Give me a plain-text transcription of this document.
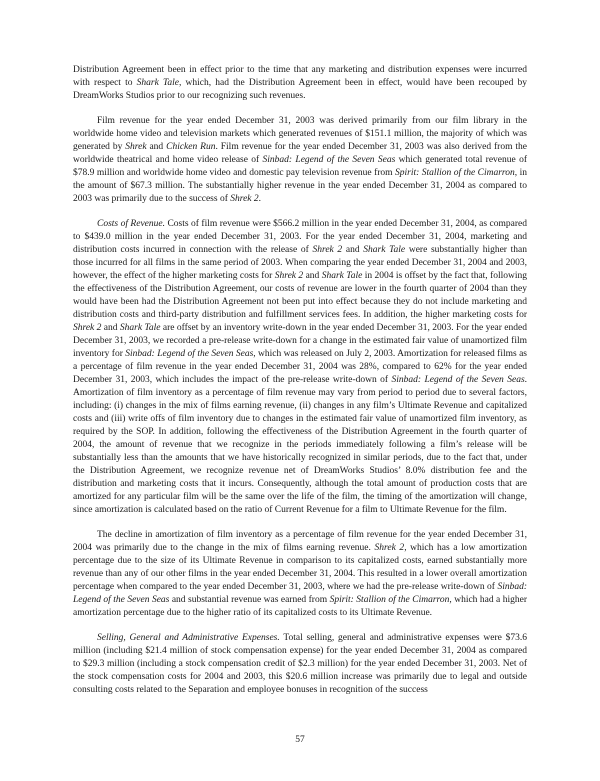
Distribution Agreement been in effect prior to the time that any marketing and distribution expenses were incurred with respect to Shark Tale, which, had the Distribution Agreement been in effect, would have been recouped by DreamWorks Studios prior to our recognizing such revenues.

Film revenue for the year ended December 31, 2003 was derived primarily from our film library in the worldwide home video and television markets which generated revenues of $151.1 million, the majority of which was generated by Shrek and Chicken Run. Film revenue for the year ended December 31, 2003 was also derived from the worldwide theatrical and home video release of Sinbad: Legend of the Seven Seas which generated total revenue of $78.9 million and worldwide home video and domestic pay television revenue from Spirit: Stallion of the Cimarron, in the amount of $67.3 million. The substantially higher revenue in the year ended December 31, 2004 as compared to 2003 was primarily due to the success of Shrek 2.

Costs of Revenue. Costs of film revenue were $566.2 million in the year ended December 31, 2004, as compared to $439.0 million in the year ended December 31, 2003. For the year ended December 31, 2004, marketing and distribution costs incurred in connection with the release of Shrek 2 and Shark Tale were substantially higher than those incurred for all films in the same period of 2003. When comparing the year ended December 31, 2004 and 2003, however, the effect of the higher marketing costs for Shrek 2 and Shark Tale in 2004 is offset by the fact that, following the effectiveness of the Distribution Agreement, our costs of revenue are lower in the fourth quarter of 2004 than they would have been had the Distribution Agreement not been put into effect because they do not include marketing and distribution costs and third-party distribution and fulfillment services fees. In addition, the higher marketing costs for Shrek 2 and Shark Tale are offset by an inventory write-down in the year ended December 31, 2003. For the year ended December 31, 2003, we recorded a pre-release write-down for a change in the estimated fair value of unamortized film inventory for Sinbad: Legend of the Seven Seas, which was released on July 2, 2003. Amortization for released films as a percentage of film revenue in the year ended December 31, 2004 was 28%, compared to 62% for the year ended December 31, 2003, which includes the impact of the pre-release write-down of Sinbad: Legend of the Seven Seas. Amortization of film inventory as a percentage of film revenue may vary from period to period due to several factors, including: (i) changes in the mix of films earning revenue, (ii) changes in any film’s Ultimate Revenue and capitalized costs and (iii) write offs of film inventory due to changes in the estimated fair value of unamortized film inventory, as required by the SOP. In addition, following the effectiveness of the Distribution Agreement in the fourth quarter of 2004, the amount of revenue that we recognize in the periods immediately following a film’s release will be substantially less than the amounts that we have historically recognized in similar periods, due to the fact that, under the Distribution Agreement, we recognize revenue net of DreamWorks Studios’ 8.0% distribution fee and the distribution and marketing costs that it incurs. Consequently, although the total amount of production costs that are amortized for any particular film will be the same over the life of the film, the timing of the amortization will change, since amortization is calculated based on the ratio of Current Revenue for a film to Ultimate Revenue for the film.

The decline in amortization of film inventory as a percentage of film revenue for the year ended December 31, 2004 was primarily due to the change in the mix of films earning revenue. Shrek 2, which has a low amortization percentage due to the size of its Ultimate Revenue in comparison to its capitalized costs, earned substantially more revenue than any of our other films in the year ended December 31, 2004. This resulted in a lower overall amortization percentage when compared to the year ended December 31, 2003, where we had the pre-release write-down of Sinbad: Legend of the Seven Seas and substantial revenue was earned from Spirit: Stallion of the Cimarron, which had a higher amortization percentage due to the higher ratio of its capitalized costs to its Ultimate Revenue.

Selling, General and Administrative Expenses. Total selling, general and administrative expenses were $73.6 million (including $21.4 million of stock compensation expense) for the year ended December 31, 2004 as compared to $29.3 million (including a stock compensation credit of $2.3 million) for the year ended December 31, 2003. Net of the stock compensation costs for 2004 and 2003, this $20.6 million increase was primarily due to legal and outside consulting costs related to the Separation and employee bonuses in recognition of the success

57
